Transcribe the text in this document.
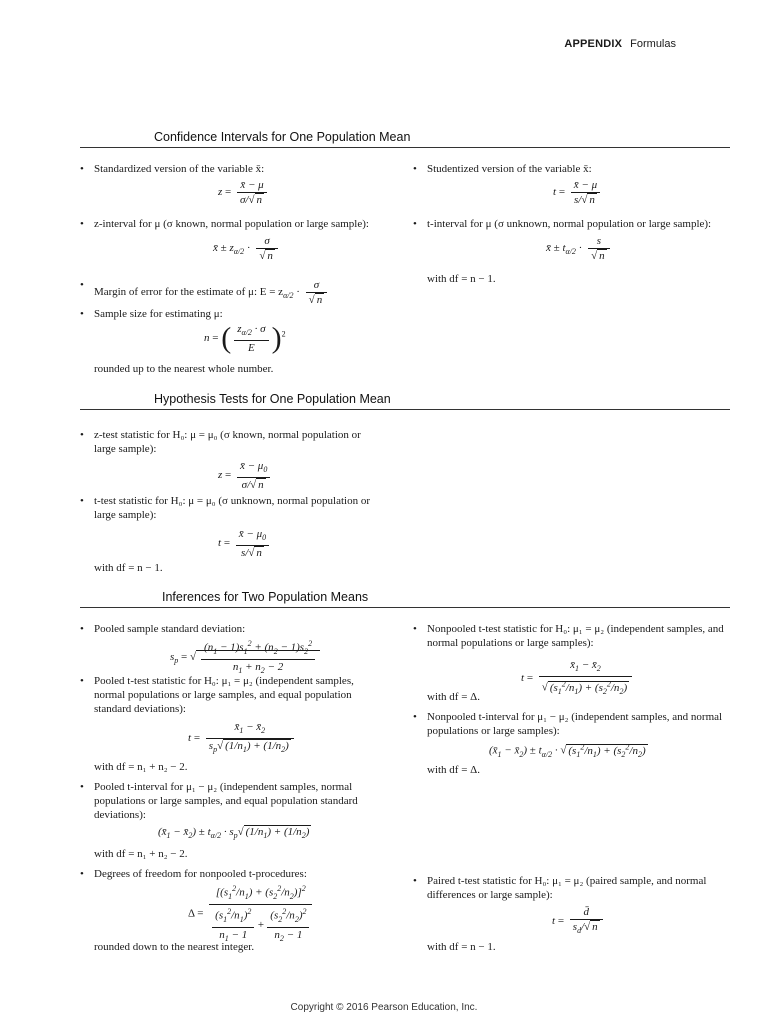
APPENDIX Formulas
Confidence Intervals for One Population Mean
• Standardized version of the variable x̄:
$z = \frac{x̄ - \mu}{\sigma/√ n}$
• Studentized version of the variable x̄:
$t = \frac{x̄ - \mu}{s/√ n}$
• z-interval for μ (σ known, normal population or large sample):
x̄ ± $z_{\alpha/2} \cdot \frac{\sigma}{√ n}$
• t-interval for μ (σ unknown, normal population or large sample):
x̄ ± $t_{\alpha/2} \cdot \frac{s}{√ n}$
with df = n − 1.
•
Margin of error for the estimate of μ: $E = z_{\alpha/2} \cdot \frac{\sigma}{√ n}$
• Sample size for estimating μ:
n = ( $\frac{z_{\alpha/2} \cdot \sigma}{E} )^2$
rounded up to the nearest whole number.
Hypothesis Tests for One Population Mean
• z-test statistic for H₀: μ = μ₀ (σ known, normal population or large sample):
$z = \frac{x̄ - \mu_0}{\sigma/√ n}$
• t-test statistic for H₀: μ = μ₀ (σ unknown, normal population or large sample):
$t = \frac{x̄ - \mu_0}{s/√ n}$
with df = n − 1.
Inferences for Two Population Means
• Pooled sample standard deviation:
$s_p$ = √ $\frac{(n_1 - 1)s_1^2 + (n_2 - 1)s_2^2}{n_1 + n_2 - 2}$
• Pooled t-test statistic for H₀: μ₁ = μ₂ (independent samples, normal populations or large samples, and equal population standard deviations):
$t = \frac{x̄_1 - x̄_2}{s_p√ (1/n_1) + (1/n_2)}$
with df = n₁ + n₂ − 2.
• Pooled t-interval for μ₁ − μ₂ (independent samples, normal populations or large samples, and equal population standard deviations):
($x̄_1$ − $x̄_2) \pm t_{\alpha/2} \cdot s_p√$ $(1/n_1) + (1/n_2)$
with df = n₁ + n₂ − 2.
• Degrees of freedom for nonpooled t-procedures:
$\Delta = \frac{[(s_1^2/n_1) + (s_2^2/n_2)]^2}{\frac{(s_1^2/n_1)^2}{n_1 - 1} + \frac{(s_2^2/n_2)^2}{n_2 - 1}}$
rounded down to the nearest integer.
• Nonpooled t-test statistic for H₀: μ₁ = μ₂ (independent samples, and normal populations or large samples):
$t = \frac{x̄_1 - x̄_2}{√ (s_1^2/n_1) + (s_2^2/n_2)}$
with df = Δ.
• Nonpooled t-interval for μ₁ − μ₂ (independent samples, and normal populations or large samples):
($x̄_1$ − $x̄_2) \pm t_{\alpha/2}$ · √ $(s_1^2/n_1) + (s_2^2/n_2)$
with df = Δ.
• Paired t-test statistic for H₀: μ₁ = μ₂ (paired sample, and normal differences or large sample):
$t = \frac{d̄}{s_d/√ n}$
with df = n − 1.
Copyright © 2016 Pearson Education, Inc.
